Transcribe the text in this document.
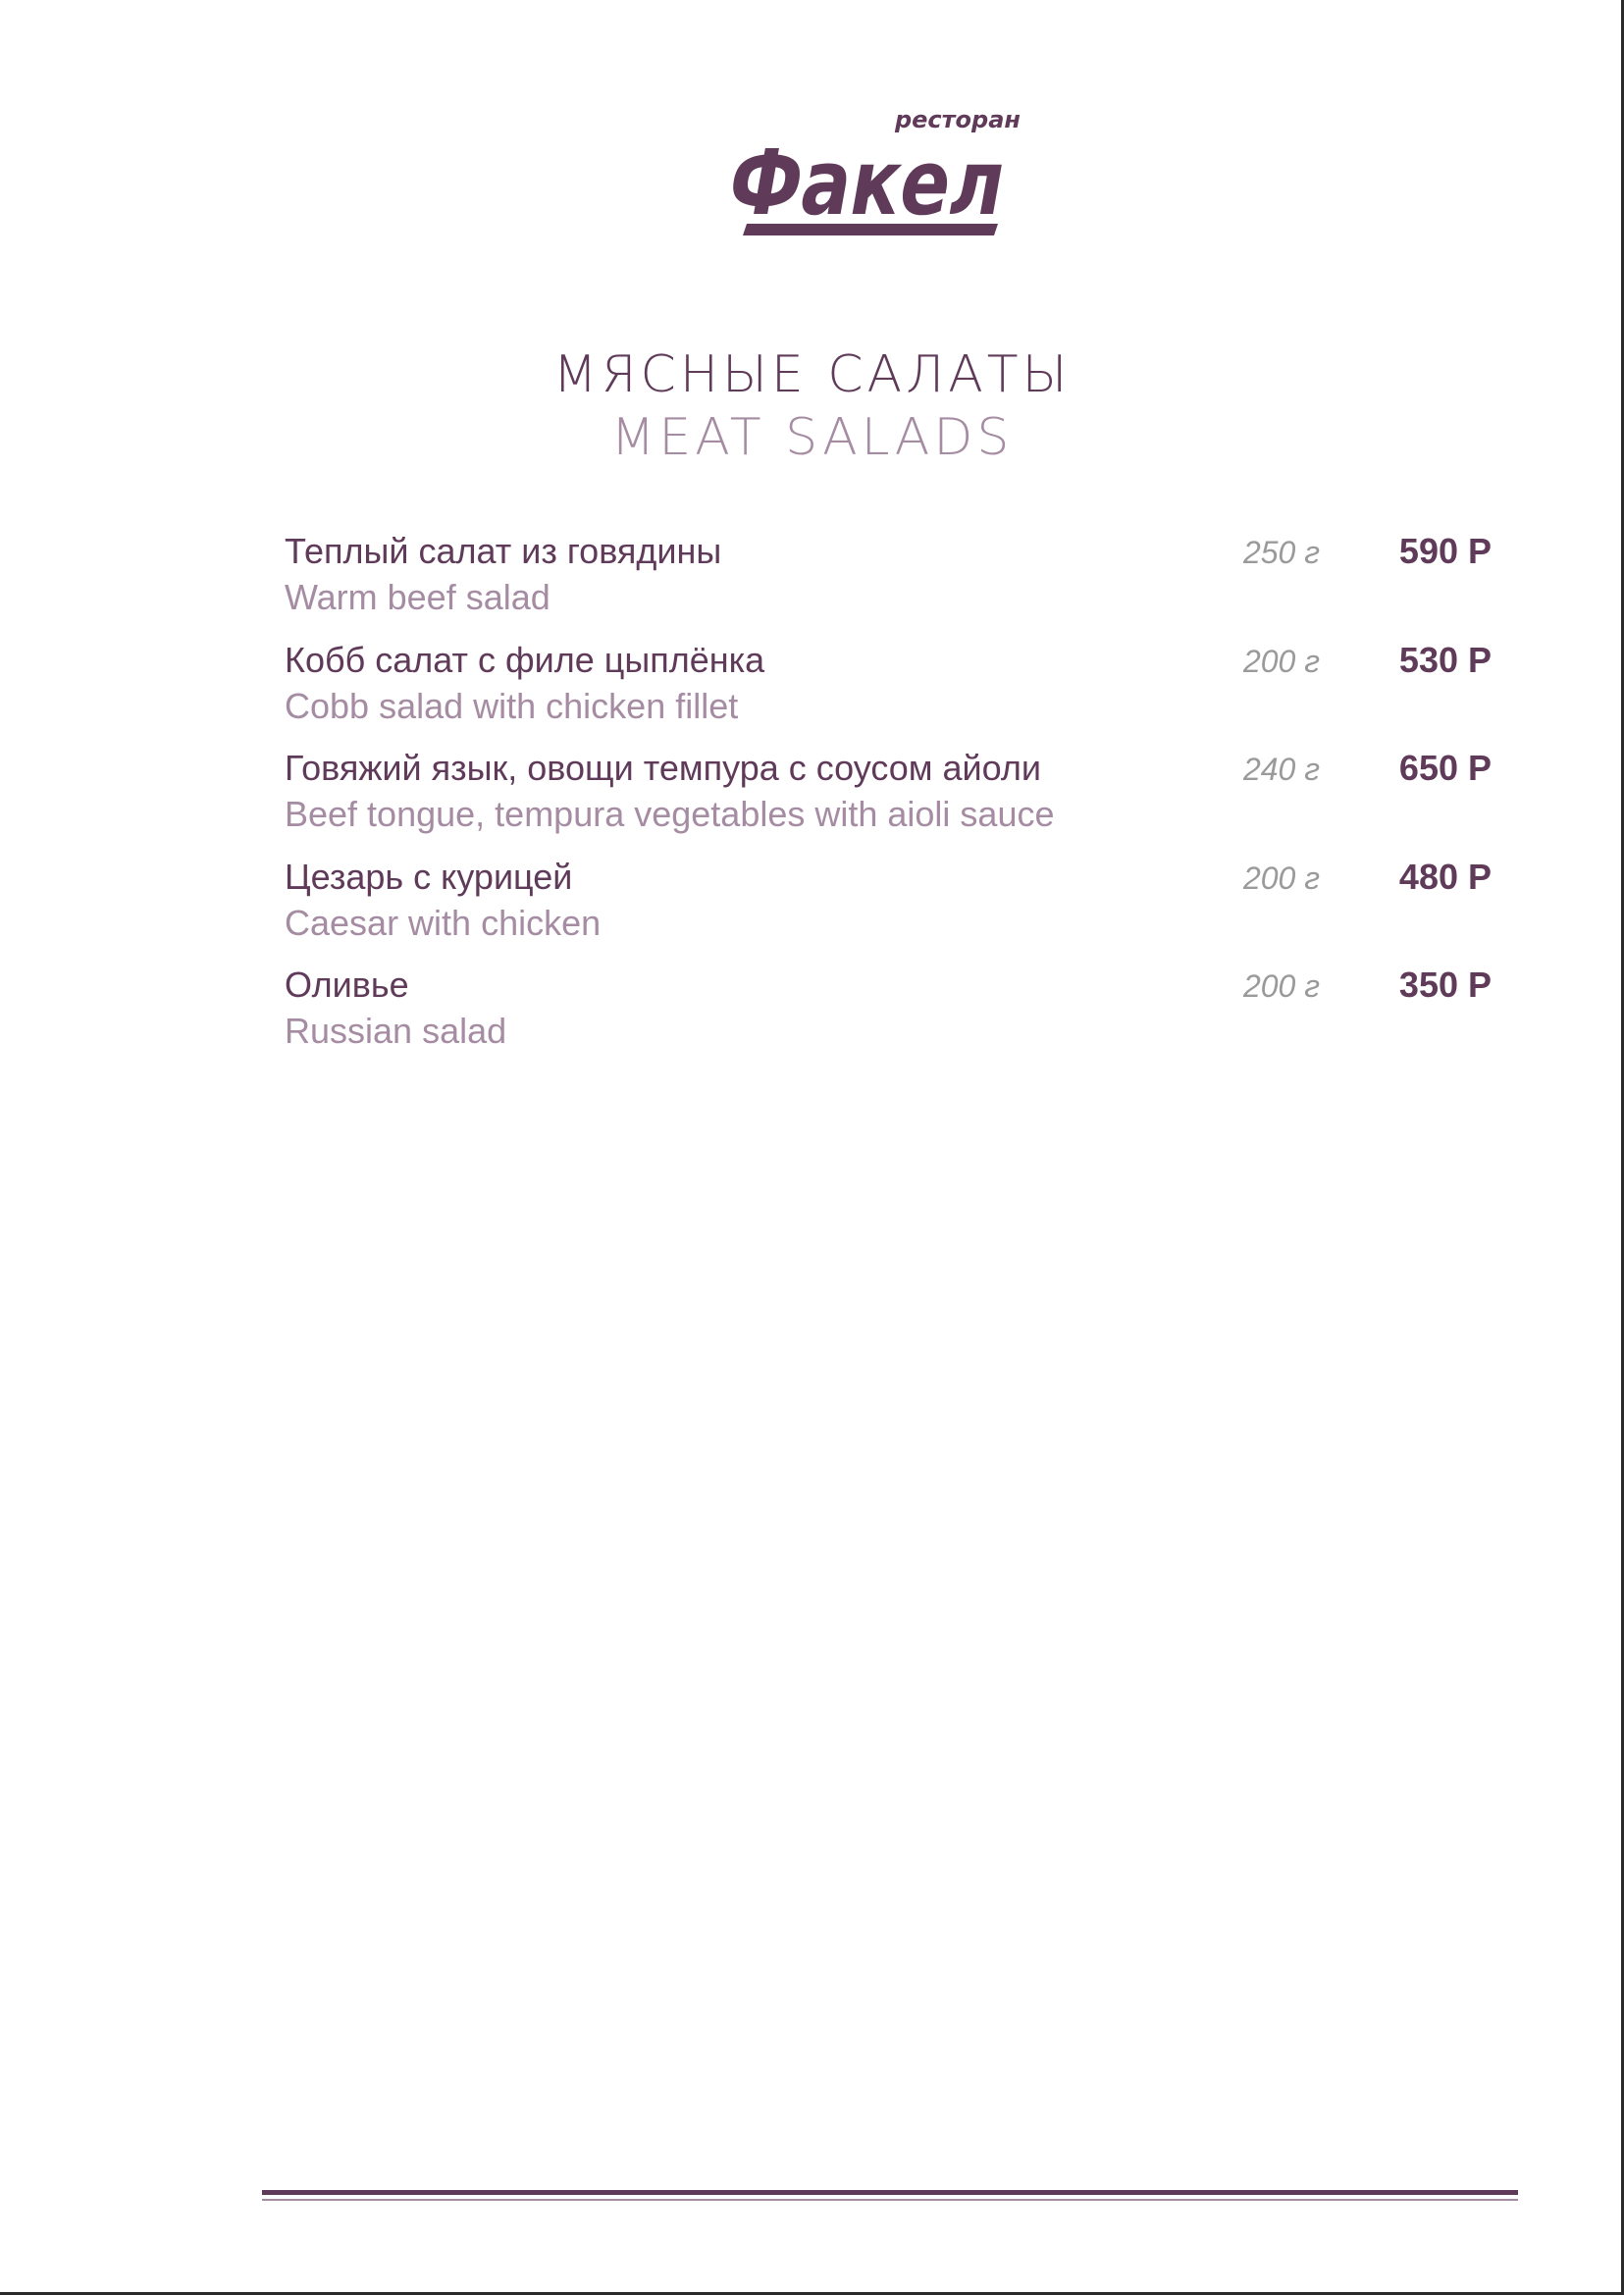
ресторан
Факел
МЯСНЫЕ САЛАТЫ
MEAT SALADS
Теплый салат из говядины
Warm beef salad
250 г 590 Р
Кобб салат с филе цыплёнка
Cobb salad with chicken fillet
200 г 530 Р
Говяжий язык, овощи темпура с соусом айоли
Beef tongue, tempura vegetables with aioli sauce
240 г 650 Р
Цезарь с курицей
Caesar with chicken
200 г 480 Р
Оливье
Russian salad
200 г 350 Р
